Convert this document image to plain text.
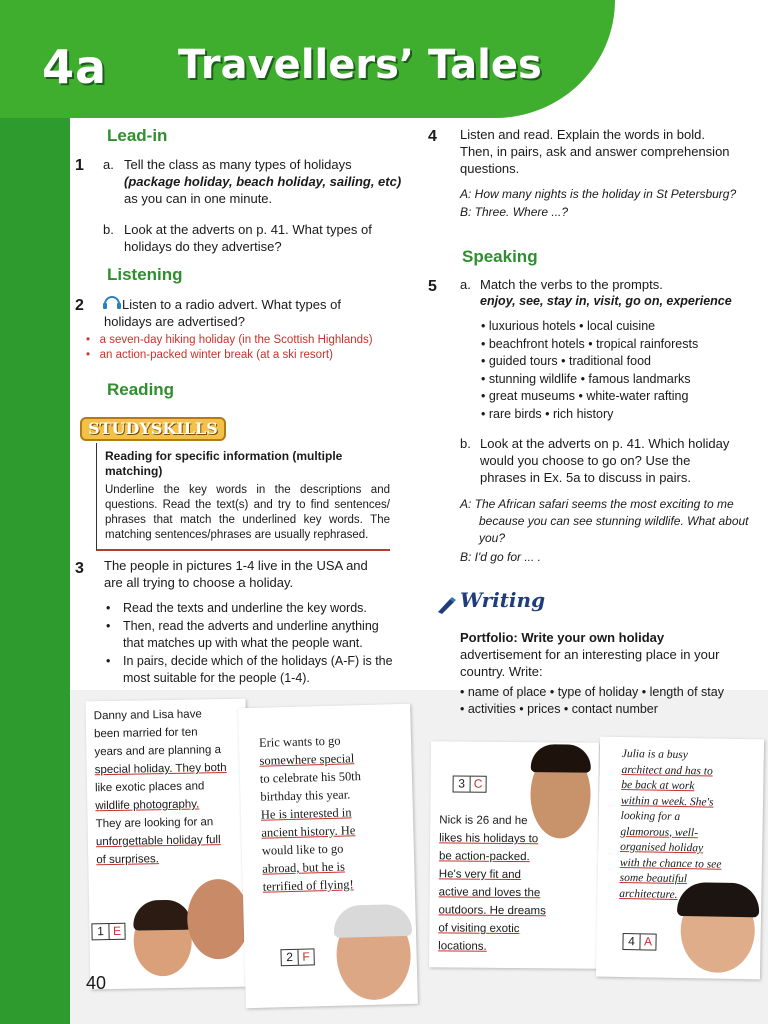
4a Travellers’ Tales
Lead-in
1 a. Tell the class as many types of holidays
(package holiday, beach holiday, sailing, etc)
as you can in one minute.
b. Look at the adverts on p. 41. What types of
holidays do they advertise?
Listening
2	Listen to a radio advert. What types of
holidays are advertised?
•   a seven-day hiking holiday (in the Scottish Highlands)
•   an action-packed winter break (at a ski resort)
Reading
STUDYSKILLS
Reading for specific information (multiple matching)
Underline the key words in the descriptions and questions. Read the text(s) and try to find sentences/ phrases that match the underlined key words. The matching sentences/phrases are usually rephrased.
3 The people in pictures 1-4 live in the USA and
are all trying to choose a holiday.
•	Read the texts and underline the key words.
•	Then, read the adverts and underline anything that matches up with what the people want.
•	In pairs, decide which of the holidays (A-F) is the most suitable for the people (1-4).
4 Listen and read. Explain the words in bold.
Then, in pairs, ask and answer comprehension
questions.
A: How many nights is the holiday in St Petersburg?
B: Three. Where ...?
Speaking
5 a. Match the verbs to the prompts.
enjoy, see, stay in, visit, go on, experience
• luxurious hotels • local cuisine
• beachfront hotels • tropical rainforests
• guided tours • traditional food
• stunning wildlife • famous landmarks
• great museums • white-water rafting
• rare birds • rich history
b. Look at the adverts on p. 41. Which holiday
would you choose to go on? Use the
phrases in Ex. 5a to discuss in pairs.
A: The African safari seems the most exciting to me
because you can see stunning wildlife. What about
you?
B: I'd go for ... .
Writing
Portfolio: Write your own holiday
advertisement for an interesting place in your
country. Write:
• name of place • type of holiday • length of stay
• activities • prices • contact number
Danny and Lisa have
been married for ten
years and are planning a
special holiday. They both
like exotic places and
wildlife photography.
They are looking for an
unforgettable holiday full
of surprises.
1 E
Eric wants to go
somewhere special
to celebrate his 50th
birthday this year.
He is interested in
ancient history. He
would like to go
abroad, but he is
terrified of flying!
2 F
3 C
Nick is 26 and he
likes his holidays to
be action-packed.
He's very fit and
active and loves the
outdoors. He dreams
of visiting exotic
locations.
Julia is a busy
architect and has to
be back at work
within a week. She's
looking for a
glamorous, well-
organised holiday
with the chance to see
some beautiful
architecture.
4 A
40
